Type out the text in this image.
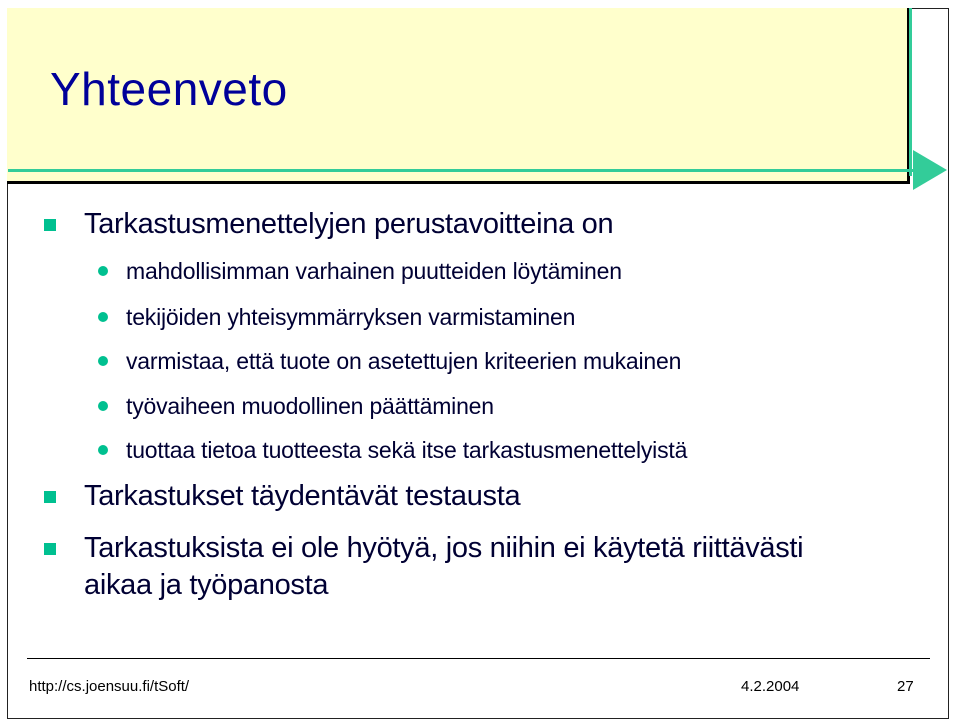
Yhteenveto
Tarkastusmenettelyjen perustavoitteina on
mahdollisimman varhainen puutteiden löytäminen
tekijöiden yhteisymmärryksen varmistaminen
varmistaa, että tuote on asetettujen kriteerien mukainen
työvaiheen muodollinen päättäminen
tuottaa tietoa tuotteesta sekä itse tarkastusmenettelyistä
Tarkastukset täydentävät testausta
Tarkastuksista ei ole hyötyä, jos niihin ei käytetä riittävästi aikaa ja työpanosta
http://cs.joensuu.fi/tSoft/	4.2.2004	27
